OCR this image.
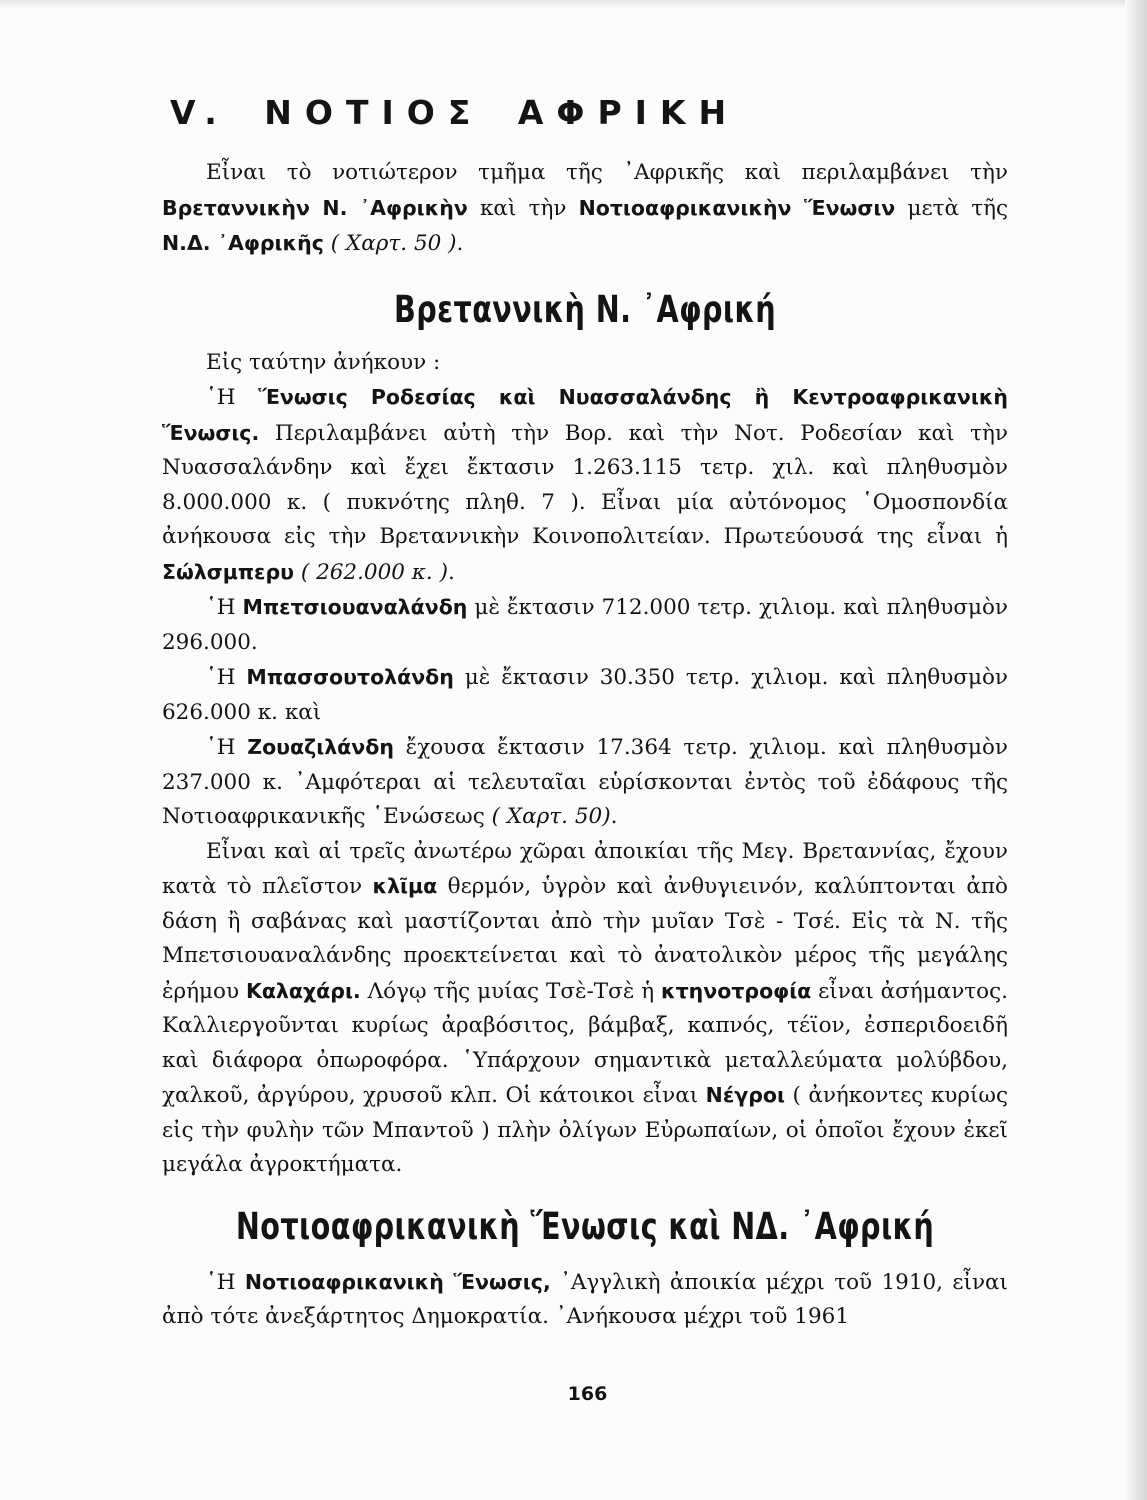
V. ΝΟΤΙΟΣ ΑΦΡΙΚΗ

Εἶναι τὸ νοτιώτερον τμῆμα τῆς ᾿Αφρικῆς καὶ περιλαμβάνει τὴν Βρεταννικὴν Ν. ᾿Αφρικὴν καὶ τὴν Νοτιοαφρικανικὴν Ἕνωσιν μετὰ τῆς Ν.Δ. ᾿Αφρικῆς ( Χαρτ. 50 ).

Βρεταννικὴ Ν. ᾿Αφρική

Εἰς ταύτην ἀνήκουν :

῾Η Ἕνωσις Ροδεσίας καὶ Νυασσαλάνδης ἢ Κεντροαφρικανικὴ Ἕνωσις. Περιλαμβάνει αὐτὴ τὴν Βορ. καὶ τὴν Νοτ. Ροδεσίαν καὶ τὴν Νυασσαλάνδην καὶ ἔχει ἔκτασιν 1.263.115 τετρ. χιλ. καὶ πληθυσμὸν 8.000.000 κ. ( πυκνότης πληθ. 7 ). Εἶναι μία αὐτόνομος ῾Ομοσπονδία ἀνήκουσα εἰς τὴν Βρεταννικὴν Κοινοπολιτείαν. Πρωτεύουσά της εἶναι ἡ Σώλσμπερυ ( 262.000 κ. ).

῾Η Μπετσιουαναλάνδη μὲ ἔκτασιν 712.000 τετρ. χιλιομ. καὶ πληθυσμὸν 296.000.

῾Η Μπασσουτολάνδη μὲ ἔκτασιν 30.350 τετρ. χιλιομ. καὶ πληθυσμὸν 626.000 κ. καὶ

῾Η Ζουαζιλάνδη ἔχουσα ἔκτασιν 17.364 τετρ. χιλιομ. καὶ πληθυσμὸν 237.000 κ. ᾿Αμφότεραι αἱ τελευταῖαι εὑρίσκονται ἐντὸς τοῦ ἐδάφους τῆς Νοτιοαφρικανικῆς ῾Ενώσεως ( Χαρτ. 50).

Εἶναι καὶ αἱ τρεῖς ἀνωτέρω χῶραι ἀποικίαι τῆς Μεγ. Βρεταννίας, ἔχουν κατὰ τὸ πλεῖστον κλῖμα θερμόν, ὑγρὸν καὶ ἀνθυγιεινόν, καλύπτονται ἀπὸ δάση ἢ σαβάνας καὶ μαστίζονται ἀπὸ τὴν μυῖαν Τσὲ - Τσέ. Εἰς τὰ Ν. τῆς Μπετσιουαναλάνδης προεκτείνεται καὶ τὸ ἀνατολικὸν μέρος τῆς μεγάλης ἐρήμου Καλαχάρι. Λόγῳ τῆς μυίας Τσὲ-Τσὲ ἡ κτηνοτροφία εἶναι ἀσήμαντος. Καλλιεργοῦνται κυρίως ἀραβόσιτος, βάμβαξ, καπνός, τέϊον, ἐσπεριδοειδῆ καὶ διάφορα ὀπωροφόρα. ῾Υπάρχουν σημαντικὰ μεταλλεύματα μολύβδου, χαλκοῦ, ἀργύρου, χρυσοῦ κλπ. Οἱ κάτοικοι εἶναι Νέγροι ( ἀνήκοντες κυρίως εἰς τὴν φυλὴν τῶν Μπαντοῦ ) πλὴν ὀλίγων Εὐρωπαίων, οἱ ὁποῖοι ἔχουν ἐκεῖ μεγάλα ἀγροκτήματα.

Νοτιοαφρικανικὴ Ἕνωσις καὶ ΝΔ. ᾿Αφρική

῾Η Νοτιοαφρικανικὴ Ἕνωσις, ᾿Αγγλικὴ ἀποικία μέχρι τοῦ 1910, εἶναι ἀπὸ τότε ἀνεξάρτητος Δημοκρατία. ᾿Ανήκουσα μέχρι τοῦ 1961

166
